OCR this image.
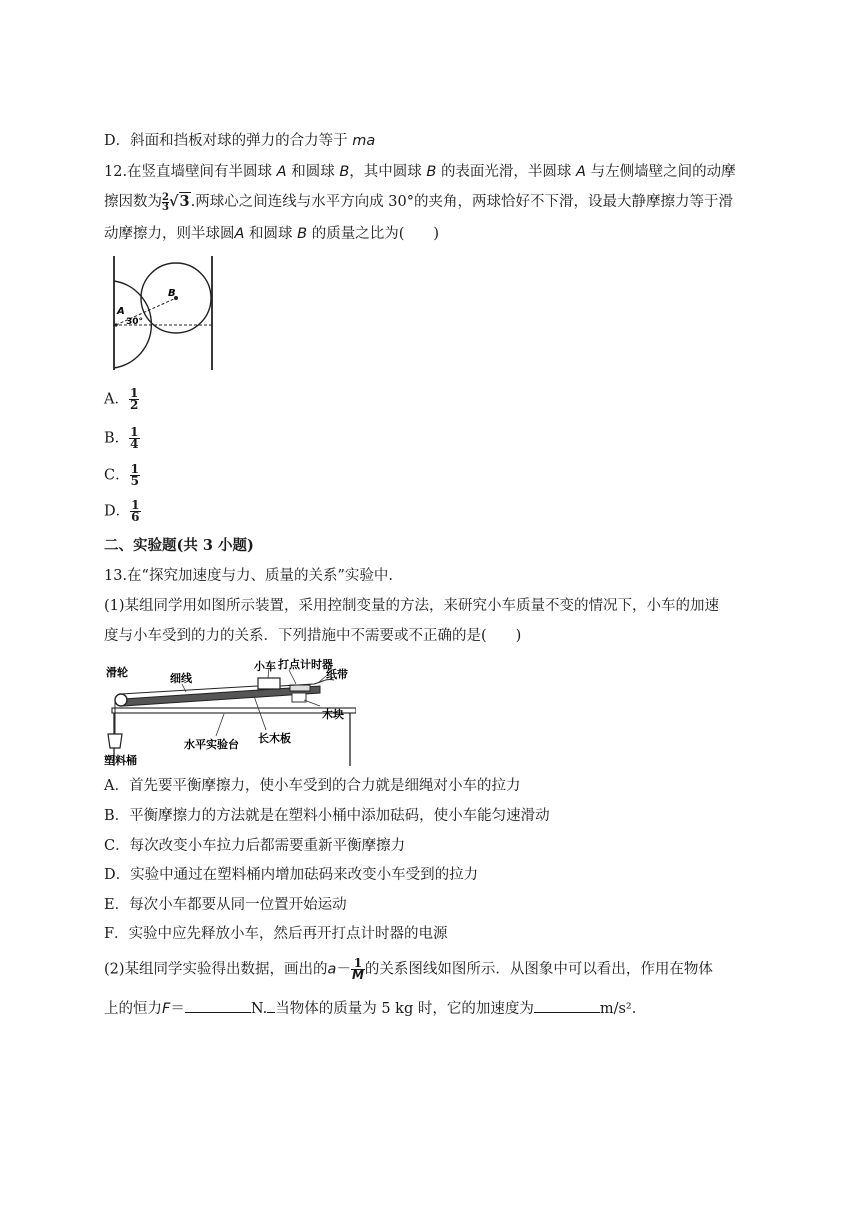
D．斜面和挡板对球的弹力的合力等于 ma
12.在竖直墙壁间有半圆球 A 和圆球 B，其中圆球 B 的表面光滑，半圆球 A 与左侧墙壁之间的动摩
擦因数为 $\frac{2}{3}√3$.两球心之间连线与水平方向成 30°的夹角，两球恰好不下滑，设最大静摩擦力等于滑
动摩擦力，则半球圆A 和圆球 B 的质量之比为(　　)
B
A
30°
A． $\frac{1}{2}$
B． $\frac{1}{4}$
C． $\frac{1}{5}$
D． $\frac{1}{6}$
二、实验题(共 3 小题)
13.在“探究加速度与力、质量的关系”实验中.
(1)某组同学用如图所示装置，采用控制变量的方法，来研究小车质量不变的情况下，小车的加速
度与小车受到的力的关系．下列措施中不需要或不正确的是(　　)
滑轮	细线
小车 打点计时器
纸带
木块
水平实验台 长木板
塑料桶
A．首先要平衡摩擦力，使小车受到的合力就是细绳对小车的拉力
B．平衡摩擦力的方法就是在塑料小桶中添加砝码，使小车能匀速滑动
C．每次改变小车拉力后都需要重新平衡摩擦力
D．实验中通过在塑料桶内增加砝码来改变小车受到的拉力
E．每次小车都要从同一位置开始运动
F．实验中应先释放小车，然后再开打点计时器的电源
(2)某组同学实验得出数据，画出的$a- \frac{1}{M}$ 的关系图线如图所示．从图象中可以看出，作用在物体
上的恒力F＝	N. 当物体的质量为 5 kg 时，它的加速度为	m/s².
